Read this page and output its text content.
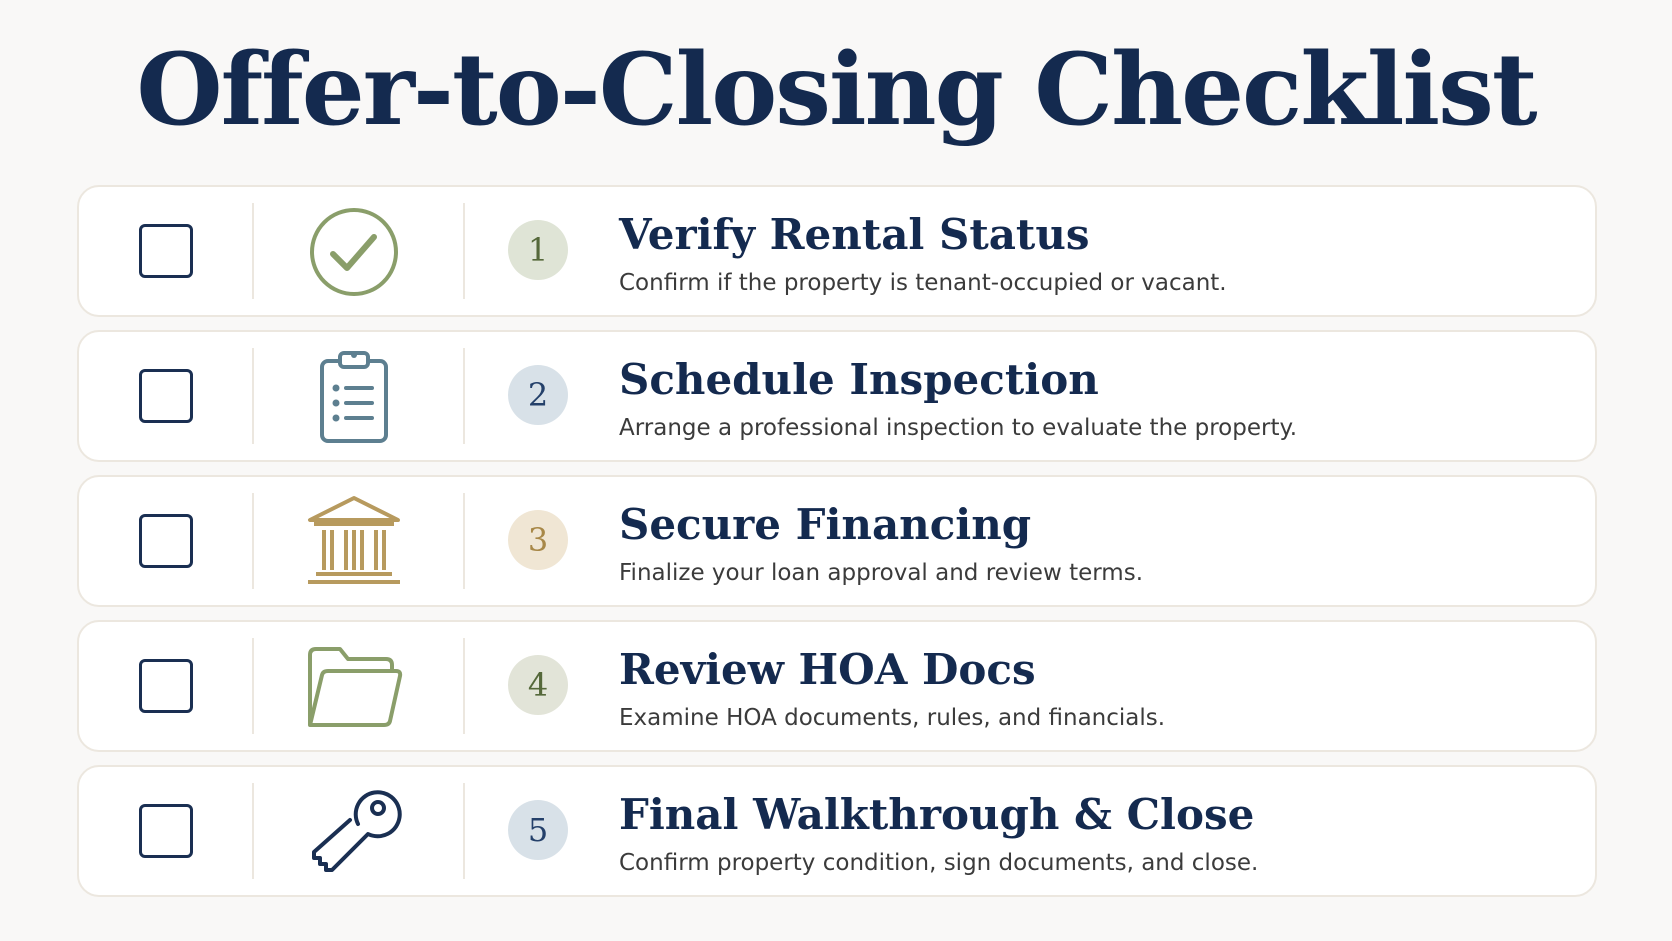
Offer-to-Closing Checklist
1	Verify Rental Status
Confirm if the property is tenant-occupied or vacant.
2	Schedule Inspection
Arrange a professional inspection to evaluate the property.
3	Secure Financing
Finalize your loan approval and review terms.
4	Review HOA Docs
Examine HOA documents, rules, and financials.
5	Final Walkthrough & Close
Confirm property condition, sign documents, and close.
